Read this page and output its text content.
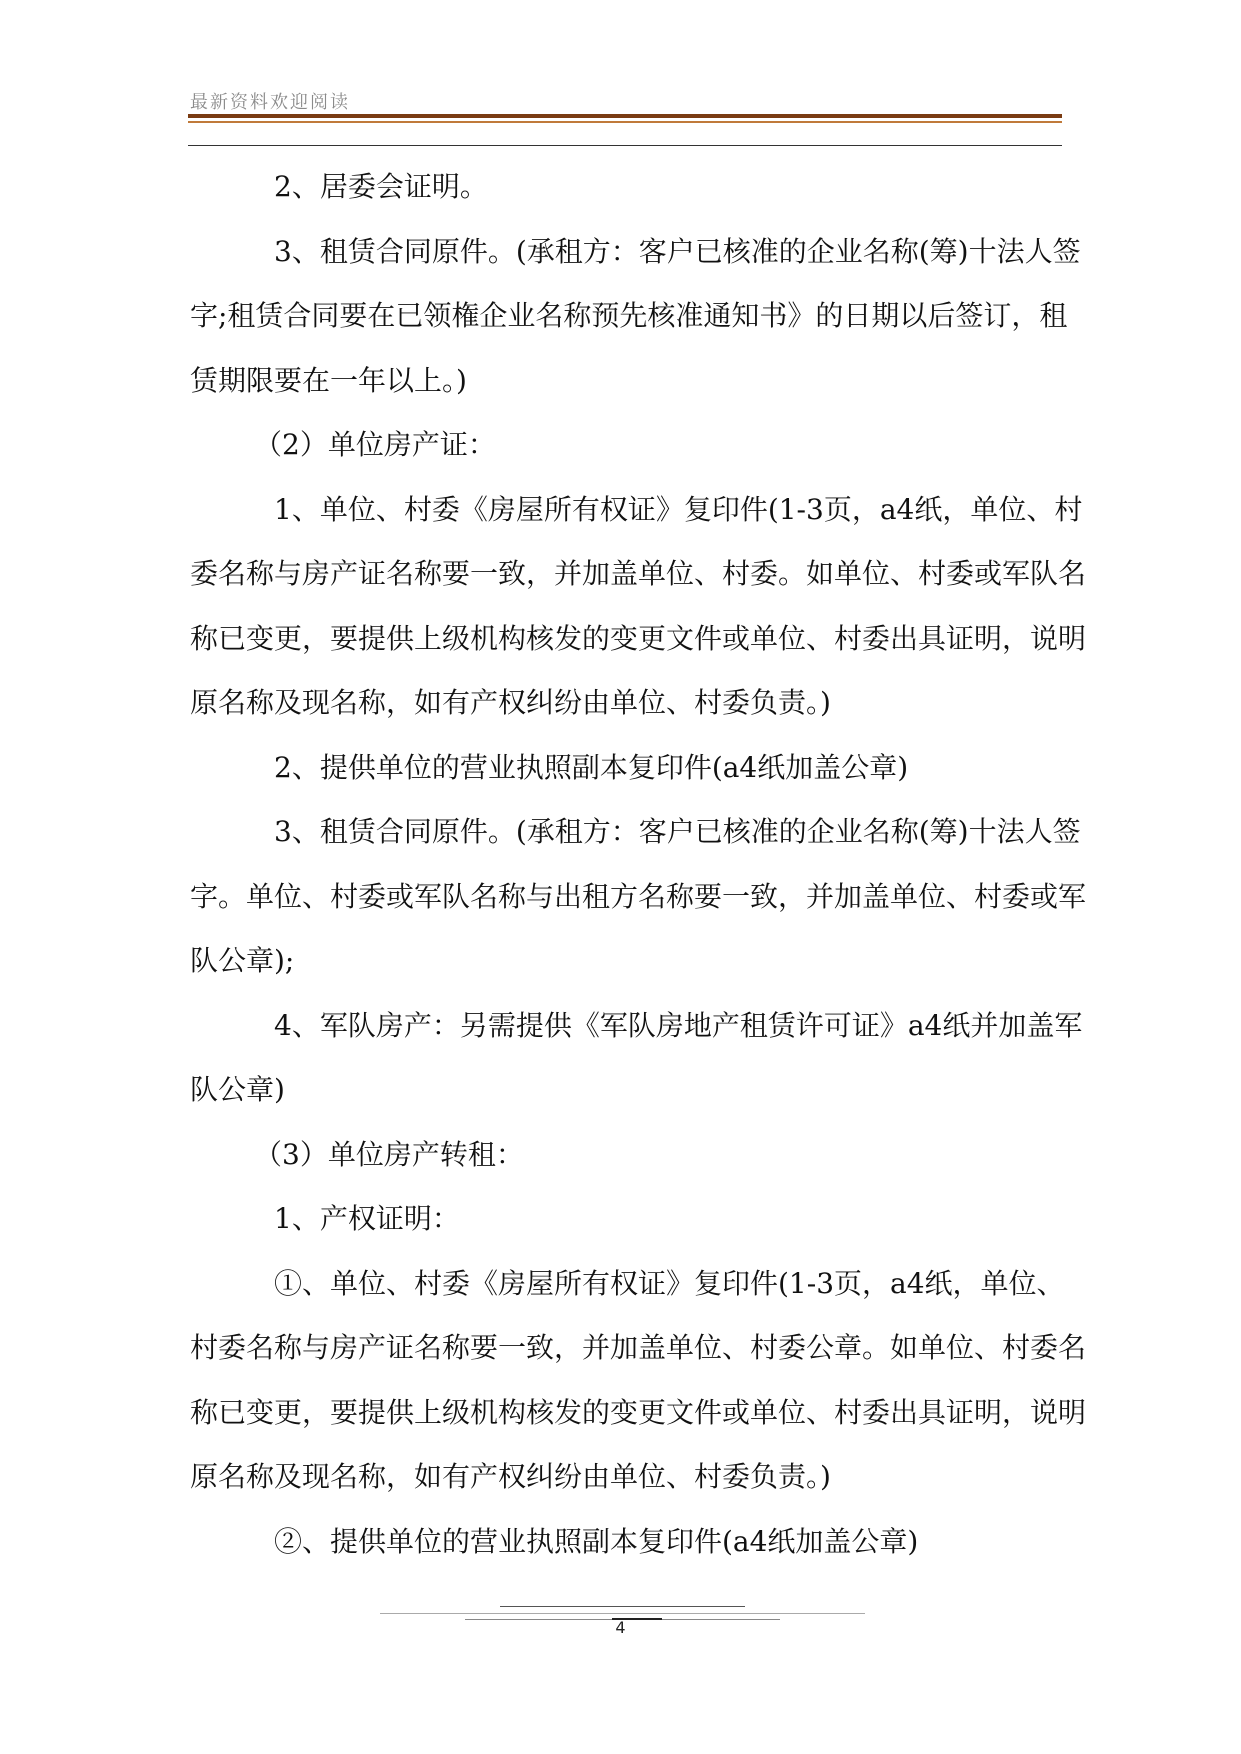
最新资料欢迎阅读

2、居委会证明。

3、租赁合同原件。(承租方：客户已核准的企业名称(筹)十法人签字;租赁合同要在已领権企业名称预先核准通知书》的日期以后签订，租赁期限要在一年以上。)

（2）单位房产证：

1、单位、村委《房屋所有权证》复印件(1-3页，a4纸，单位、村委名称与房产证名称要一致，并加盖单位、村委。如单位、村委或军队名称已变更，要提供上级机构核发的变更文件或单位、村委出具证明，说明原名称及现名称，如有产权纠纷由单位、村委负责。)

2、提供单位的营业执照副本复印件(a4纸加盖公章)

3、租赁合同原件。(承租方：客户已核准的企业名称(筹)十法人签字。单位、村委或军队名称与出租方名称要一致，并加盖单位、村委或军队公章);

4、军队房产：另需提供《军队房地产租赁许可证》a4纸并加盖军队公章)

（3）单位房产转租：

1、产权证明：

①、单位、村委《房屋所有权证》复印件(1-3页，a4纸，单位、村委名称与房产证名称要一致，并加盖单位、村委公章。如单位、村委名称已变更，要提供上级机构核发的变更文件或单位、村委出具证明，说明原名称及现名称，如有产权纠纷由单位、村委负责。)

②、提供单位的营业执照副本复印件(a4纸加盖公章)

4
